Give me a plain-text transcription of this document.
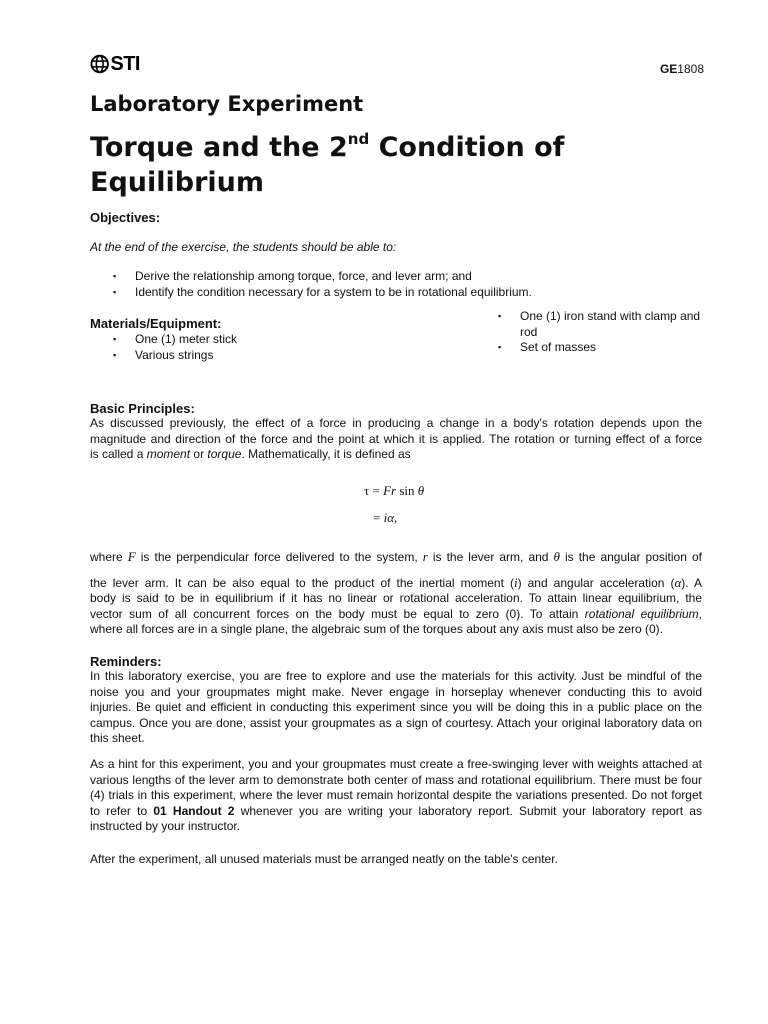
STI	GE1808
Laboratory Experiment
Torque and the 2nd Condition of
Equilibrium
Objectives:
At the end of the exercise, the students should be able to:
▪ Derive the relationship among torque, force, and lever arm; and
▪ Identify the condition necessary for a system to be in rotational equilibrium.
Materials/Equipment:
▪ One (1) meter stick
▪ Various strings
▪ One (1) iron stand with clamp and rod
▪ Set of masses
Basic Principles:
As discussed previously, the effect of a force in producing a change in a body's rotation depends upon the
magnitude and direction of the force and the point at which it is applied. The rotation or turning effect of a force
is called a moment or torque. Mathematically, it is defined as
τ = Fr sin θ
= iα,
where F is the perpendicular force delivered to the system, r is the lever arm, and θ is the angular position of
the lever arm. It can be also equal to the product of the inertial moment (i) and angular acceleration (α). A
body is said to be in equilibrium if it has no linear or rotational acceleration. To attain linear equilibrium, the
vector sum of all concurrent forces on the body must be equal to zero (0). To attain rotational equilibrium,
where all forces are in a single plane, the algebraic sum of the torques about any axis must also be zero (0).
Reminders:
In this laboratory exercise, you are free to explore and use the materials for this activity. Just be mindful of the noise you and your groupmates might make. Never engage in horseplay whenever conducting this to avoid injuries. Be quiet and efficient in conducting this experiment since you will be doing this in a public place on the campus. Once you are done, assist your groupmates as a sign of courtesy. Attach your original laboratory data on this sheet.
As a hint for this experiment, you and your groupmates must create a free-swinging lever with weights attached at various lengths of the lever arm to demonstrate both center of mass and rotational equilibrium. There must be four (4) trials in this experiment, where the lever must remain horizontal despite the variations presented. Do not forget to refer to 01 Handout 2 whenever you are writing your laboratory report. Submit your laboratory report as instructed by your instructor.
After the experiment, all unused materials must be arranged neatly on the table's center.
